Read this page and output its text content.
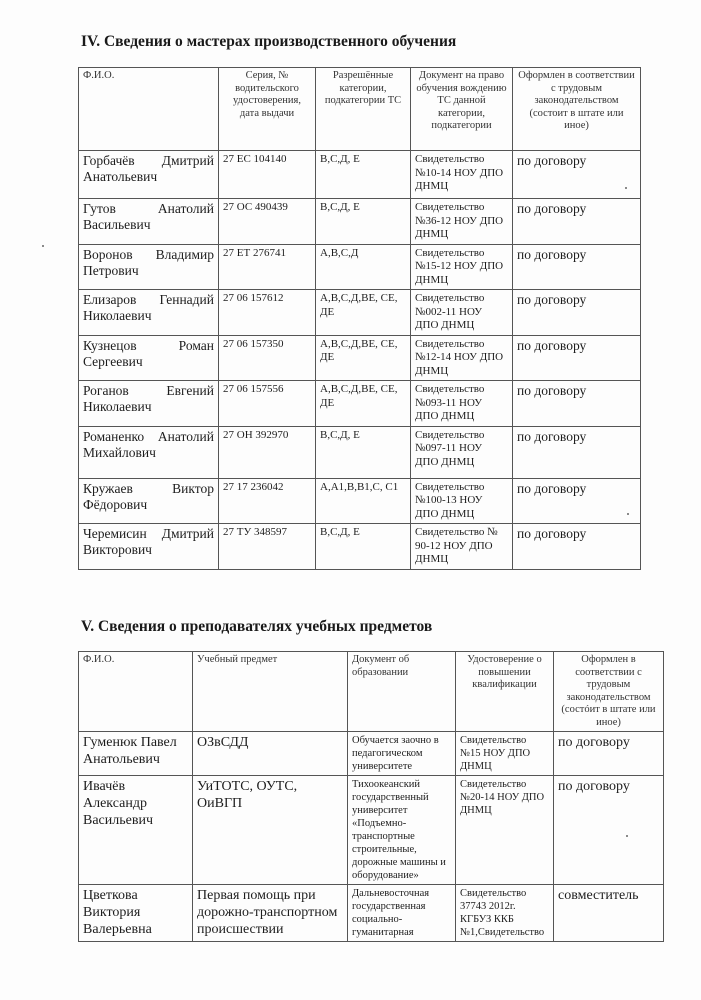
IV. Сведения о мастерах производственного обучения
Ф.И.О.	Серия, № водительского удостоверения, дата выдачи	Разрешённые категории, подкатегории ТС	Документ на право обучения вождению ТС данной категории, подкатегории	Оформлен в соответствии с трудовым законодательством (состоит в штате или иное)
Горбачёв Дмитрий Анатольевич	27 ЕС 104140	В,С,Д, Е	Свидетельство №10-14 НОУ ДПО ДНМЦ	по договору
Гутов Анатолий Васильевич	27 ОС 490439	В,С,Д, Е	Свидетельство №36-12 НОУ ДПО ДНМЦ	по договору
Воронов Владимир Петрович	27 ЕТ 276741	А,В,С,Д	Свидетельство №15-12 НОУ ДПО ДНМЦ	по договору
Елизаров Геннадий Николаевич	27 06 157612	А,В,С,Д,ВЕ, СЕ, ДЕ	Свидетельство №002-11 НОУ ДПО ДНМЦ	по договору
Кузнецов Роман Сергеевич	27 06 157350	А,В,С,Д,ВЕ, СЕ, ДЕ	Свидетельство №12-14 НОУ ДПО ДНМЦ	по договору
Роганов Евгений Николаевич	27 06 157556	А,В,С,Д,ВЕ, СЕ, ДЕ	Свидетельство №093-11 НОУ ДПО ДНМЦ	по договору
Романенко Анатолий Михайлович	27 ОН 392970	В,С,Д, Е	Свидетельство №097-11 НОУ ДПО ДНМЦ	по договору
Кружаев Виктор Фёдорович	27 17 236042	А,А1,В,В1,С, С1	Свидетельство №100-13 НОУ ДПО ДНМЦ	по договору
Черемисин Дмитрий Викторович	27 ТУ 348597	В,С,Д, Е	Свидетельство № 90-12 НОУ ДПО ДНМЦ	по договору
V. Сведения о преподавателях учебных предметов
Ф.И.О.	Учебный предмет	Документ об образовании	Удостоверение о повышении квалификации	Оформлен в соответствии с трудовым законодательством (состóит в штате или иное)
Гуменюк Павел Анатольевич	ОЗвСДД	Обучается заочно в педагогическом университете	Свидетельство №15 НОУ ДПО ДНМЦ	по договору
Ивачёв Александр Васильевич	УиТОТС, ОУТС, ОиВГП	Тихоокеанский государственный университет «Подъемно-транспортные строительные, дорожные машины и оборудование»	Свидетельство №20-14 НОУ ДПО ДНМЦ	по договору
Цветкова Виктория Валерьевна	Первая помощь при дорожно-транспортном происшествии	Дальневосточная государственная социально-гуманитарная	Свидетельство 37743 2012г. КГБУЗ ККБ №1,Свидетельство	совместитель
